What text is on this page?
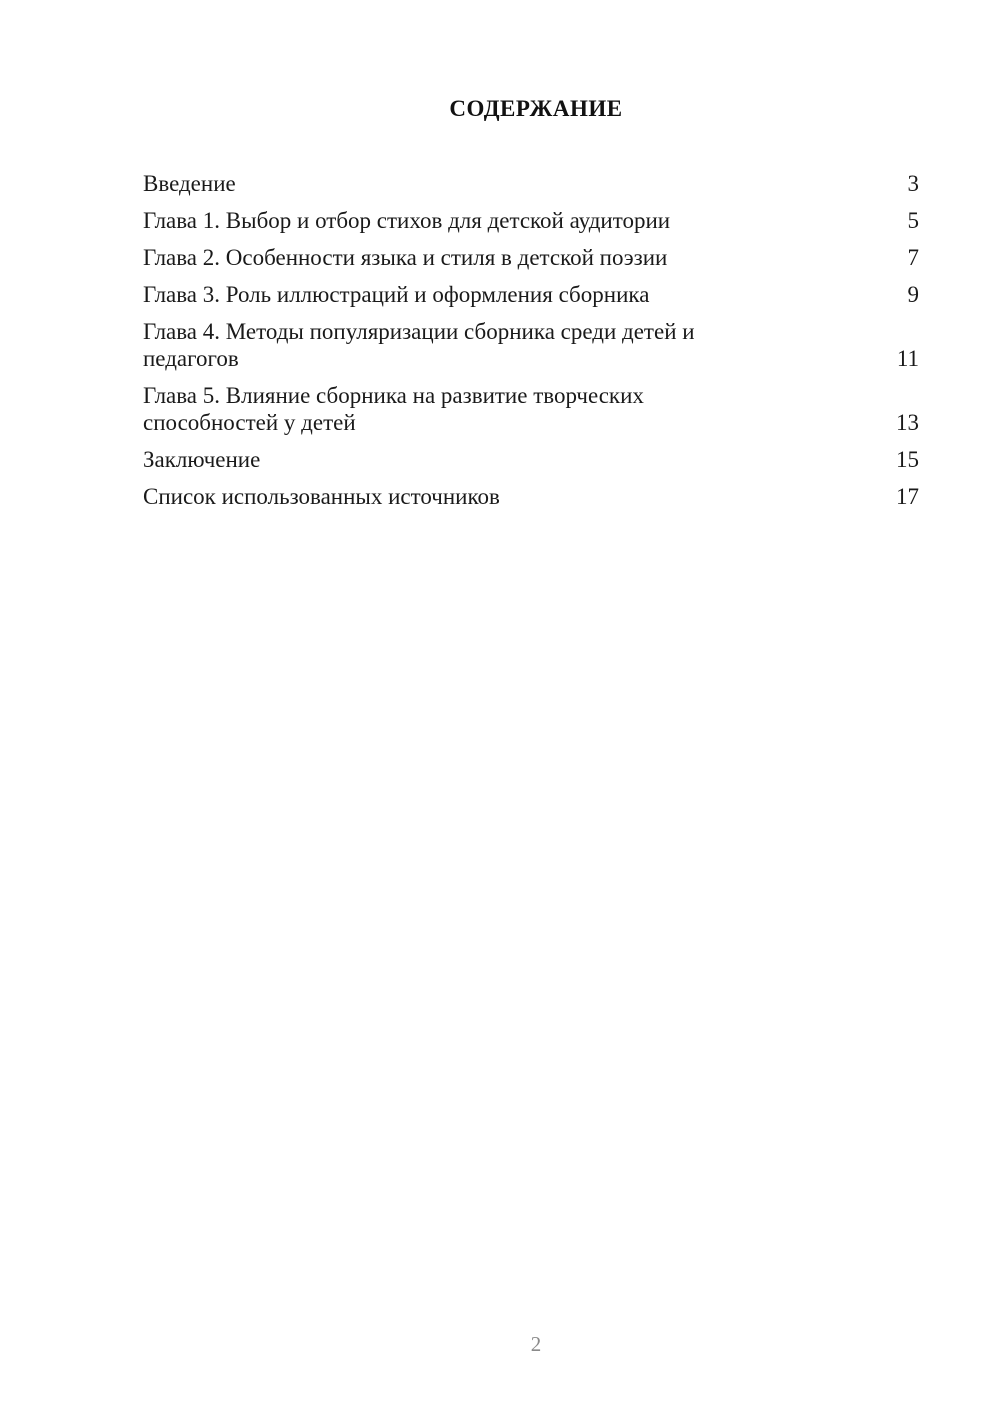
СОДЕРЖАНИЕ
Введение	3
Глава 1. Выбор и отбор стихов для детской аудитории	5
Глава 2. Особенности языка и стиля в детской поэзии	7
Глава 3. Роль иллюстраций и оформления сборника	9
Глава 4. Методы популяризации сборника среди детей и педагогов	11
Глава 5. Влияние сборника на развитие творческих способностей у детей	13
Заключение	15
Список использованных источников	17
2
